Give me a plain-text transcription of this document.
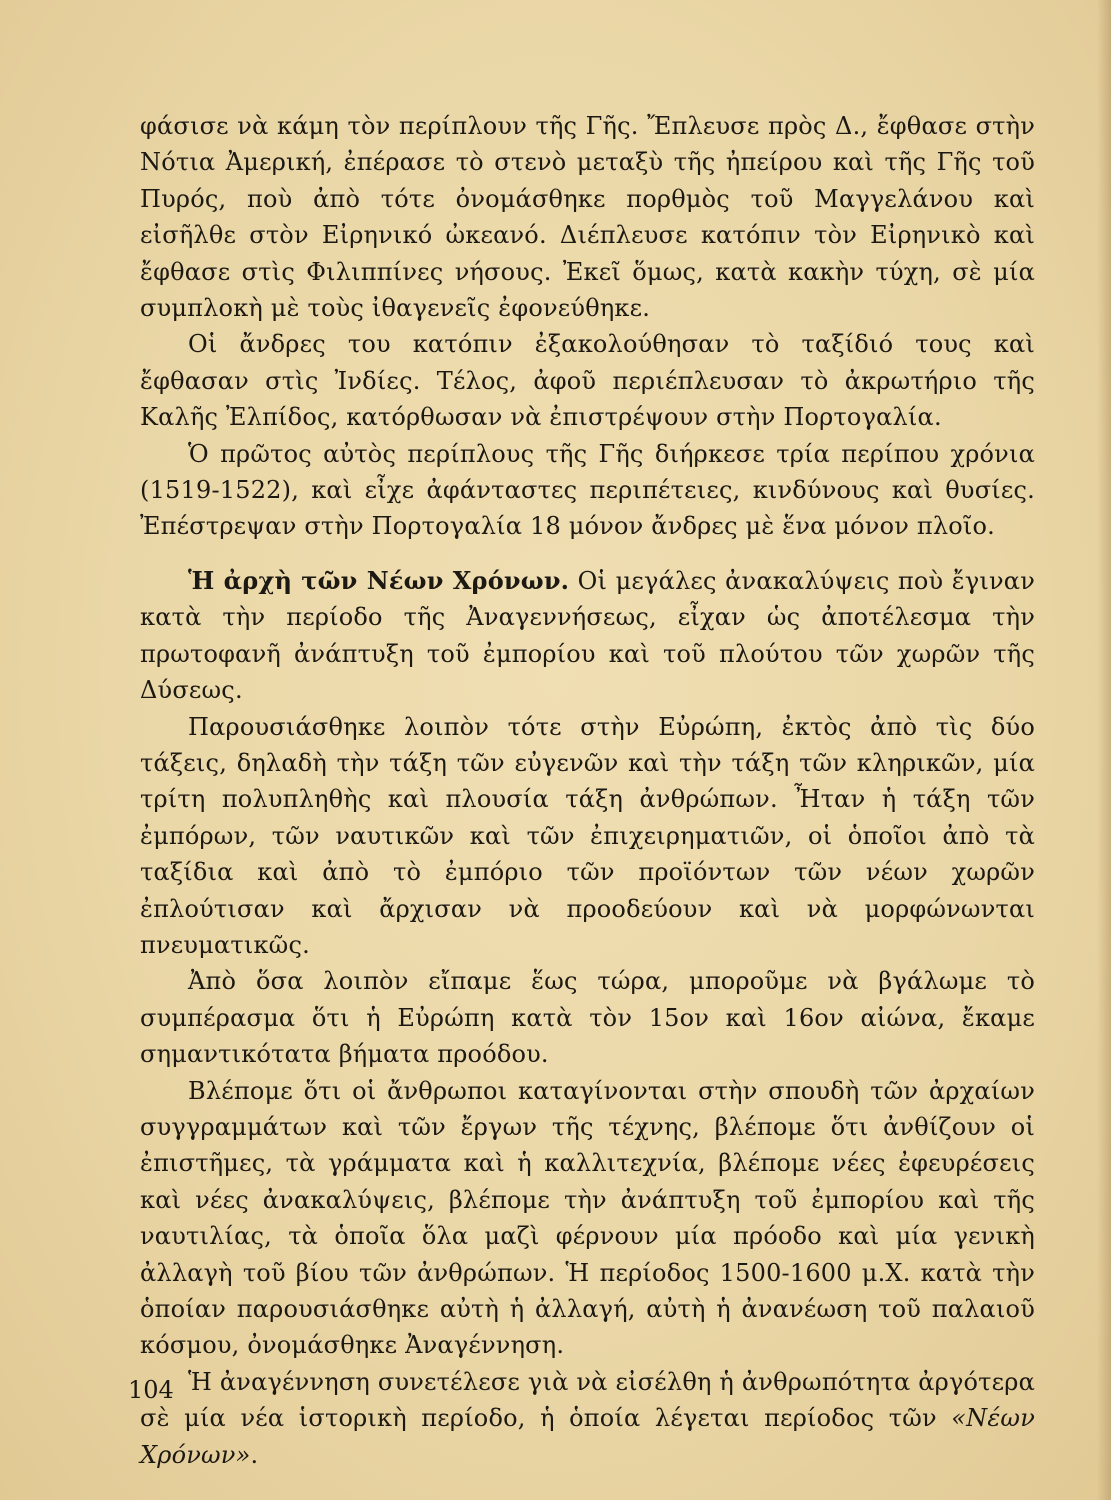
φάσισε νὰ κάμη τὸν περίπλουν τῆς Γῆς. Ἔπλευσε πρὸς Δ., ἔφθασε στὴν Νότια Ἀμερική, ἐπέρασε τὸ στενὸ μεταξὺ τῆς ἠπείρου καὶ τῆς Γῆς τοῦ Πυρός, ποὺ ἀπὸ τότε ὀνομάσθηκε πορθμὸς τοῦ Μαγγελάνου καὶ εἰσῆλθε στὸν Εἰρηνικό ὠκεανό. Διέπλευσε κατόπιν τὸν Εἰρηνικὸ καὶ ἔφθασε στὶς Φιλιππίνες νήσους. Ἐκεῖ ὅμως, κατὰ κακὴν τύχη, σὲ μία συμπλοκὴ μὲ τοὺς ἰθαγενεῖς ἐφονεύθηκε.

Οἱ ἄνδρες του κατόπιν ἐξακολούθησαν τὸ ταξίδιό τους καὶ ἔφθασαν στὶς Ἰνδίες. Τέλος, ἀφοῦ περιέπλευσαν τὸ ἀκρωτήριο τῆς Καλῆς Ἐλπίδος, κατόρθωσαν νὰ ἐπιστρέψουν στὴν Πορτογαλία.

Ὁ πρῶτος αὐτὸς περίπλους τῆς Γῆς διήρκεσε τρία περίπου χρόνια (1519-1522), καὶ εἶχε ἀφάνταστες περιπέτειες, κινδύνους καὶ θυσίες. Ἐπέστρεψαν στὴν Πορτογαλία 18 μόνον ἄνδρες μὲ ἕνα μόνον πλοῖο.

Ἡ ἀρχὴ τῶν Νέων Χρόνων. Οἱ μεγάλες ἀνακαλύψεις ποὺ ἔγιναν κατὰ τὴν περίοδο τῆς Ἀναγεννήσεως, εἶχαν ὡς ἀποτέλεσμα τὴν πρωτοφανῆ ἀνάπτυξη τοῦ ἐμπορίου καὶ τοῦ πλούτου τῶν χωρῶν τῆς Δύσεως.

Παρουσιάσθηκε λοιπὸν τότε στὴν Εὐρώπη, ἐκτὸς ἀπὸ τὶς δύο τάξεις, δηλαδὴ τὴν τάξη τῶν εὐγενῶν καὶ τὴν τάξη τῶν κληρικῶν, μία τρίτη πολυπληθὴς καὶ πλουσία τάξη ἀνθρώπων. Ἦταν ἡ τάξη τῶν ἐμπόρων, τῶν ναυτικῶν καὶ τῶν ἐπιχειρηματιῶν, οἱ ὁποῖοι ἀπὸ τὰ ταξίδια καὶ ἀπὸ τὸ ἐμπόριο τῶν προϊόντων τῶν νέων χωρῶν ἐπλούτισαν καὶ ἄρχισαν νὰ προοδεύουν καὶ νὰ μορφώνωνται πνευματικῶς.

Ἀπὸ ὅσα λοιπὸν εἴπαμε ἕως τώρα, μποροῦμε νὰ βγάλωμε τὸ συμπέρασμα ὅτι ἡ Εὐρώπη κατὰ τὸν 15ον καὶ 16ον αἰώνα, ἔκαμε σημαντικότατα βήματα προόδου.

Βλέπομε ὅτι οἱ ἄνθρωποι καταγίνονται στὴν σπουδὴ τῶν ἀρχαίων συγγραμμάτων καὶ τῶν ἔργων τῆς τέχνης, βλέπομε ὅτι ἀνθίζουν οἱ ἐπιστῆμες, τὰ γράμματα καὶ ἡ καλλιτεχνία, βλέπομε νέες ἐφευρέσεις καὶ νέες ἀνακαλύψεις, βλέπομε τὴν ἀνάπτυξη τοῦ ἐμπορίου καὶ τῆς ναυτιλίας, τὰ ὁποῖα ὅλα μαζὶ φέρνουν μία πρόοδο καὶ μία γενικὴ ἀλλαγὴ τοῦ βίου τῶν ἀνθρώπων. Ἡ περίοδος 1500-1600 μ.Χ. κατὰ τὴν ὁποίαν παρουσιάσθηκε αὐτὴ ἡ ἀλλαγή, αὐτὴ ἡ ἀνανέωση τοῦ παλαιοῦ κόσμου, ὀνομάσθηκε Ἀναγέννηση.

Ἡ ἀναγέννηση συνετέλεσε γιὰ νὰ εἰσέλθη ἡ ἀνθρωπότητα ἀργότερα σὲ μία νέα ἱστορικὴ περίοδο, ἡ ὁποία λέγεται περίοδος τῶν «Νέων Χρόνων».

104
